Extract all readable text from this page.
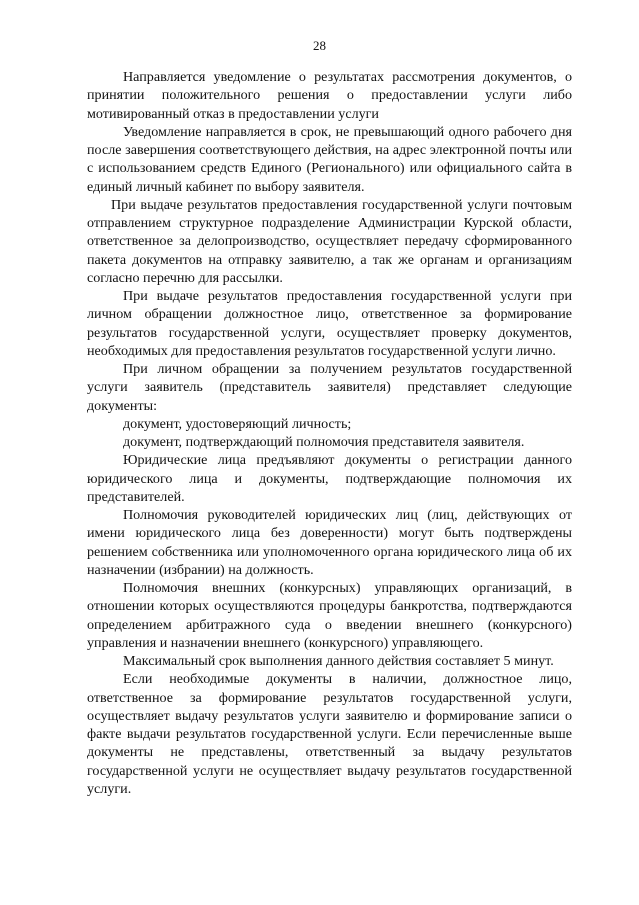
28

Направляется уведомление о результатах рассмотрения документов, о принятии положительного решения о предоставлении услуги либо мотивированный отказ в предоставлении услуги

Уведомление направляется в срок, не превышающий одного рабочего дня после завершения соответствующего действия, на адрес электронной почты или с использованием средств Единого (Регионального) или официального сайта в единый личный кабинет по выбору заявителя.

При выдаче результатов предоставления государственной услуги почтовым отправлением структурное подразделение Администрации Курской области, ответственное за делопроизводство, осуществляет передачу сформированного пакета документов на отправку заявителю, а так же органам и организациям согласно перечню для рассылки.

При выдаче результатов предоставления государственной услуги при личном обращении должностное лицо, ответственное за формирование результатов государственной услуги, осуществляет проверку документов, необходимых для предоставления результатов государственной услуги лично.

При личном обращении за получением результатов государственной услуги заявитель (представитель заявителя) представляет следующие документы:

документ, удостоверяющий личность;

документ, подтверждающий полномочия представителя заявителя.

Юридические лица предъявляют документы о регистрации данного юридического лица и документы, подтверждающие полномочия их представителей.

Полномочия руководителей юридических лиц (лиц, действующих от имени юридического лица без доверенности) могут быть подтверждены решением собственника или уполномоченного органа юридического лица об их назначении (избрании) на должность.

Полномочия внешних (конкурсных) управляющих организаций, в отношении которых осуществляются процедуры банкротства, подтверждаются определением арбитражного суда о введении внешнего (конкурсного) управления и назначении внешнего (конкурсного) управляющего.

Максимальный срок выполнения данного действия составляет 5 минут.

Если необходимые документы в наличии, должностное лицо, ответственное за формирование результатов государственной услуги, осуществляет выдачу результатов услуги заявителю и формирование записи о факте выдачи результатов государственной услуги. Если перечисленные выше документы не представлены, ответственный за выдачу результатов государственной услуги не осуществляет выдачу результатов государственной услуги.
